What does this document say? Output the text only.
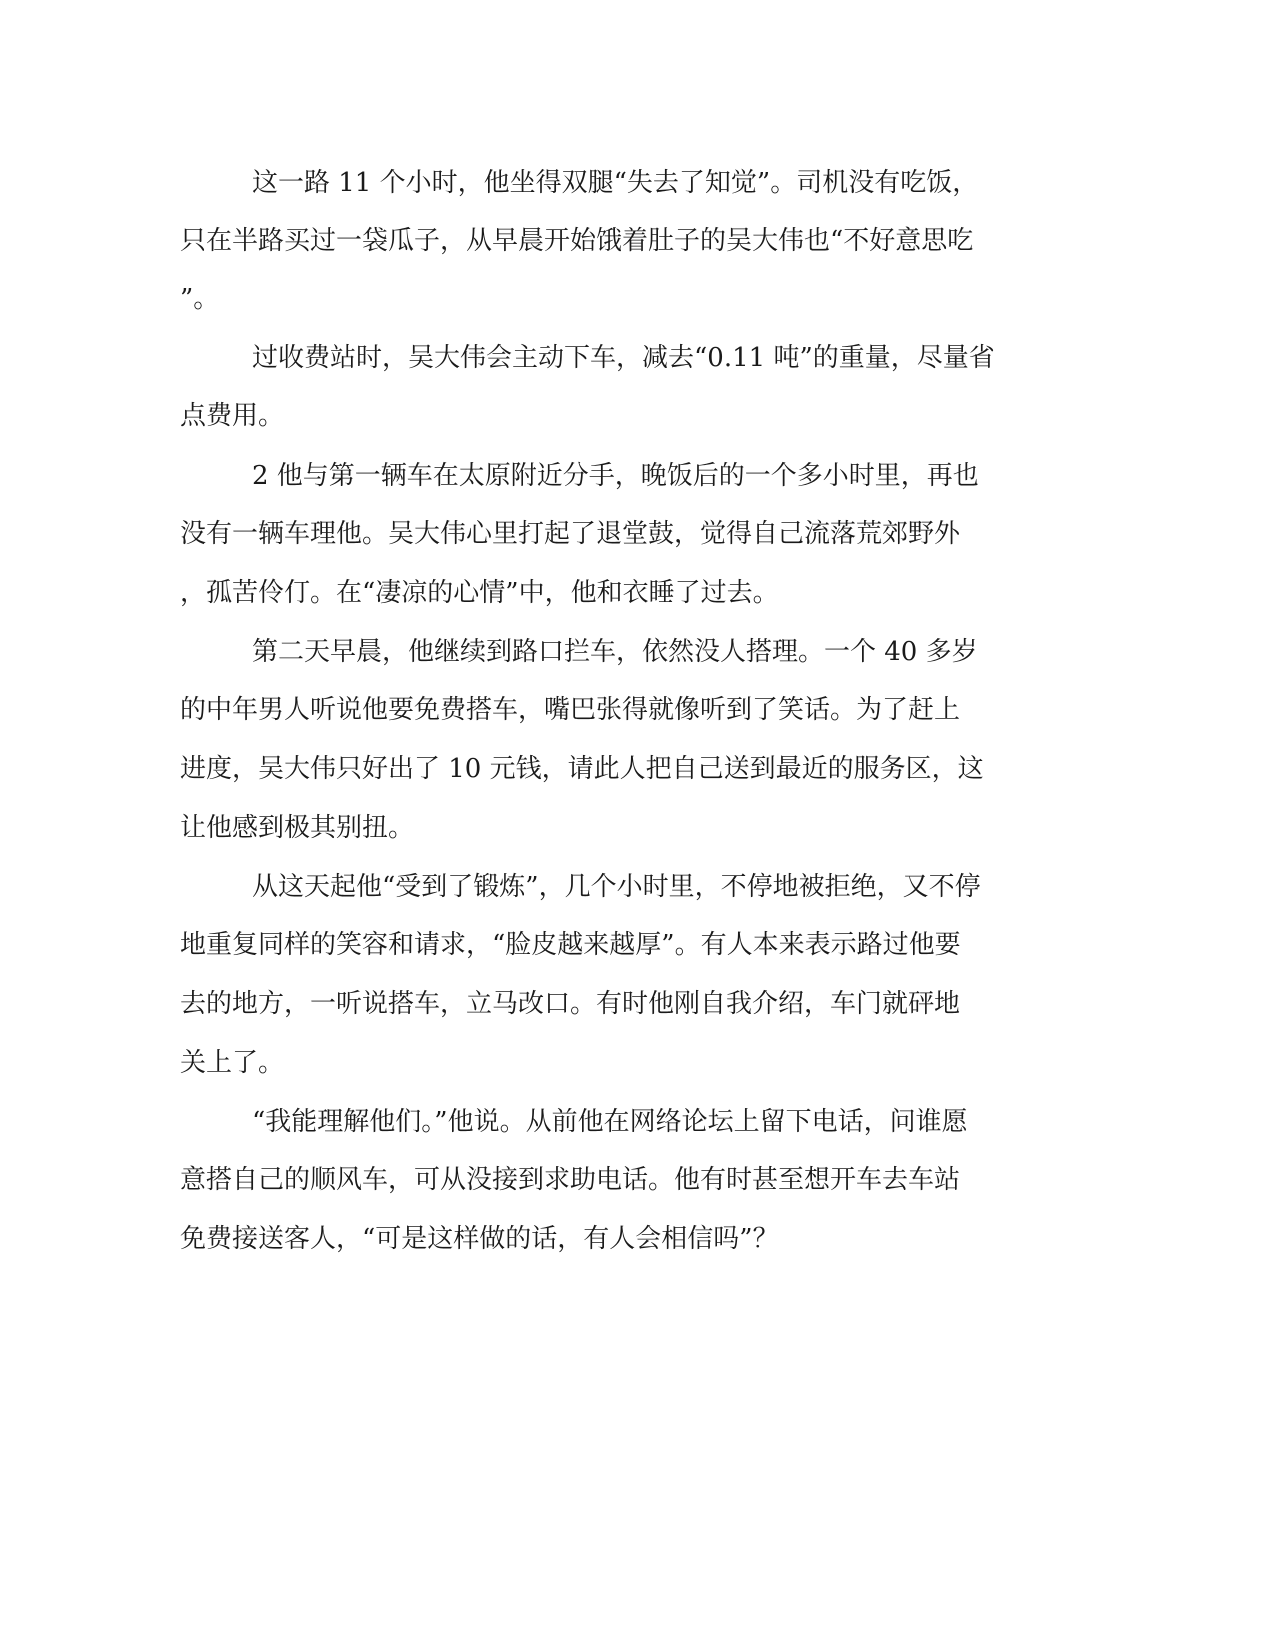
这一路 11 个小时，他坐得双腿“失去了知觉”。司机没有吃饭，
只在半路买过一袋瓜子，从早晨开始饿着肚子的吴大伟也“不好意思吃
”。
过收费站时，吴大伟会主动下车，减去“0.11 吨”的重量，尽量省
点费用。
2 他与第一辆车在太原附近分手，晚饭后的一个多小时里，再也
没有一辆车理他。吴大伟心里打起了退堂鼓，觉得自己流落荒郊野外
，孤苦伶仃。在“凄凉的心情”中，他和衣睡了过去。
第二天早晨，他继续到路口拦车，依然没人搭理。一个 40 多岁
的中年男人听说他要免费搭车，嘴巴张得就像听到了笑话。为了赶上
进度，吴大伟只好出了 10 元钱，请此人把自己送到最近的服务区，这
让他感到极其别扭。
从这天起他“受到了锻炼”，几个小时里，不停地被拒绝，又不停
地重复同样的笑容和请求，“脸皮越来越厚”。有人本来表示路过他要
去的地方，一听说搭车，立马改口。有时他刚自我介绍，车门就砰地
关上了。
“我能理解他们。”他说。从前他在网络论坛上留下电话，问谁愿
意搭自己的顺风车，可从没接到求助电话。他有时甚至想开车去车站
免费接送客人，“可是这样做的话，有人会相信吗”？
